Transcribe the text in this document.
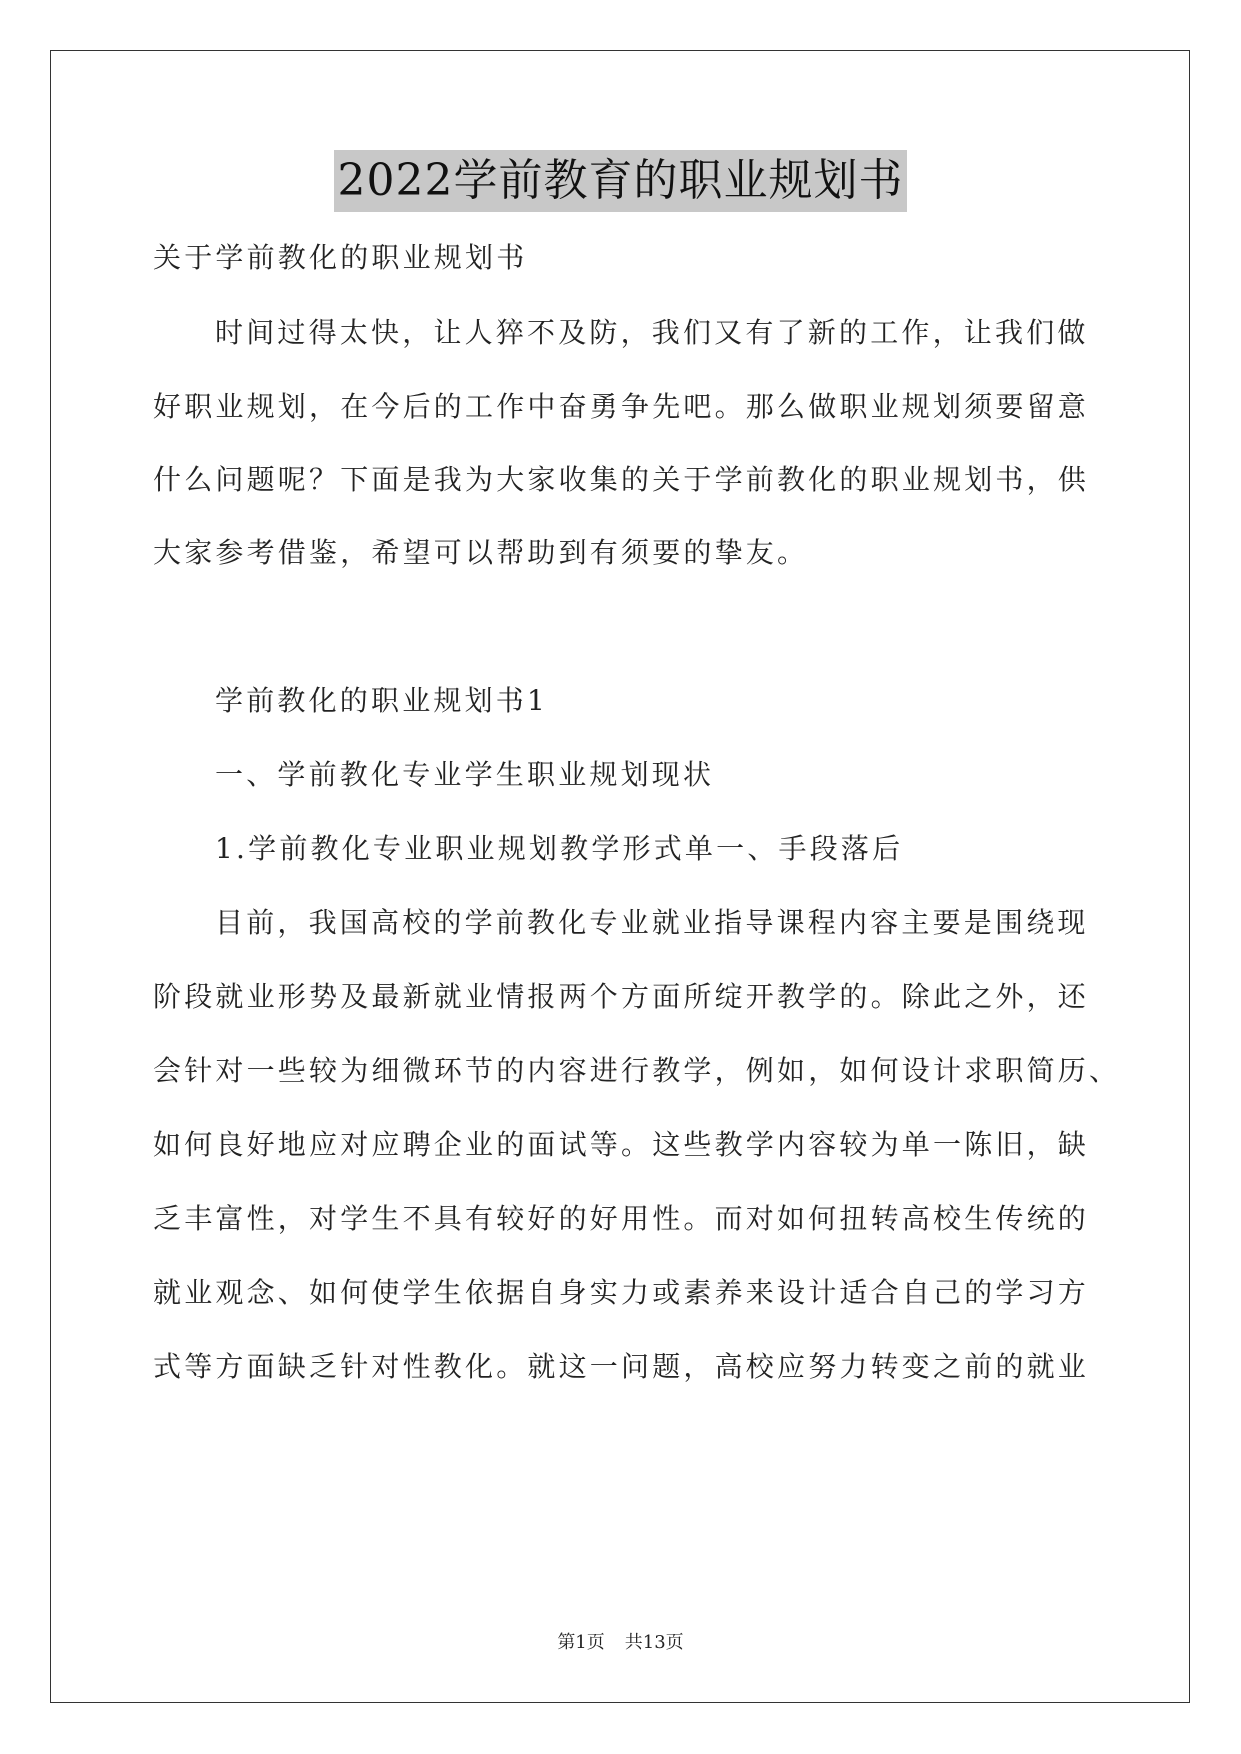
2022学前教育的职业规划书
关于学前教化的职业规划书
时间过得太快，让人猝不及防，我们又有了新的工作，让我们做
好职业规划，在今后的工作中奋勇争先吧。那么做职业规划须要留意
什么问题呢？下面是我为大家收集的关于学前教化的职业规划书，供
大家参考借鉴，希望可以帮助到有须要的挚友。
学前教化的职业规划书1
一、学前教化专业学生职业规划现状
1.学前教化专业职业规划教学形式单一、手段落后
目前，我国高校的学前教化专业就业指导课程内容主要是围绕现
阶段就业形势及最新就业情报两个方面所绽开教学的。除此之外，还
会针对一些较为细微环节的内容进行教学，例如，如何设计求职简历、
如何良好地应对应聘企业的面试等。这些教学内容较为单一陈旧，缺
乏丰富性，对学生不具有较好的好用性。而对如何扭转高校生传统的
就业观念、如何使学生依据自身实力或素养来设计适合自己的学习方
式等方面缺乏针对性教化。就这一问题，高校应努力转变之前的就业
第1页 共13页
